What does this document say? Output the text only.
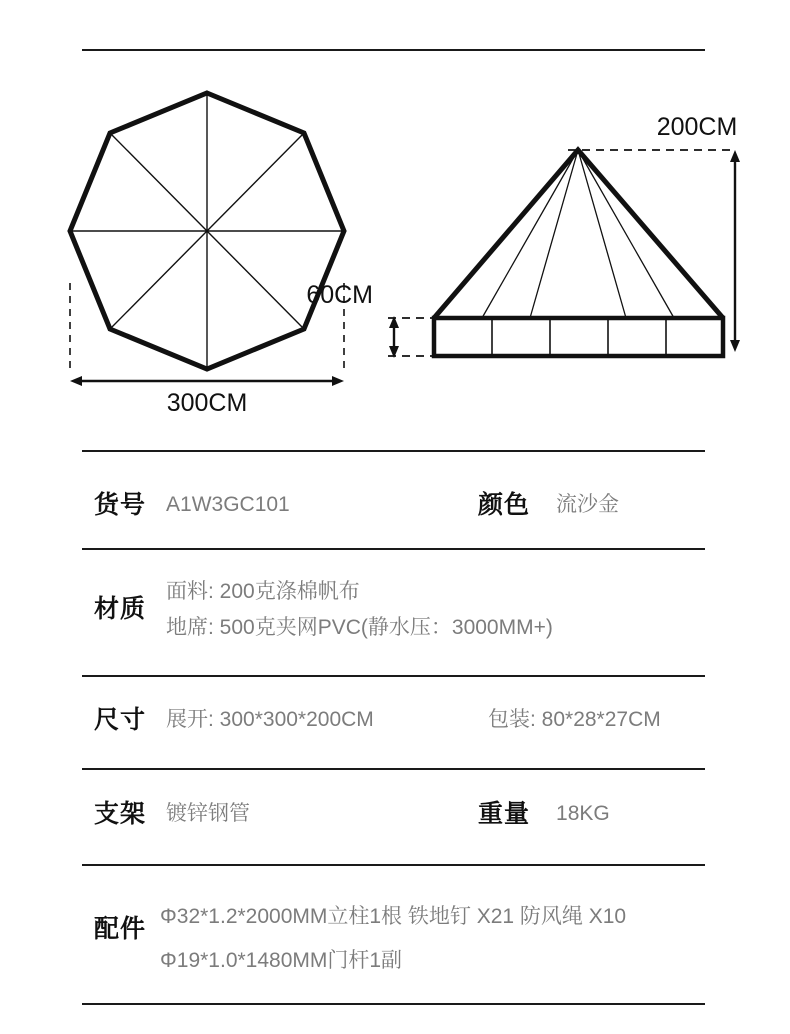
300CM
200CM
60CM
货号 A1W3GC101	颜色 流沙金
材质
面料: 200克涤棉帆布
地席: 500克夹网PVC(静水压：3000MM+)
尺寸 展开: 300*300*200CM	包装: 80*28*27CM
支架 镀锌钢管	重量 18KG
配件 Φ32*1.2*2000MM立柱1根 铁地钉 X21 防风绳 X10
Φ19*1.0*1480MM门杆1副
